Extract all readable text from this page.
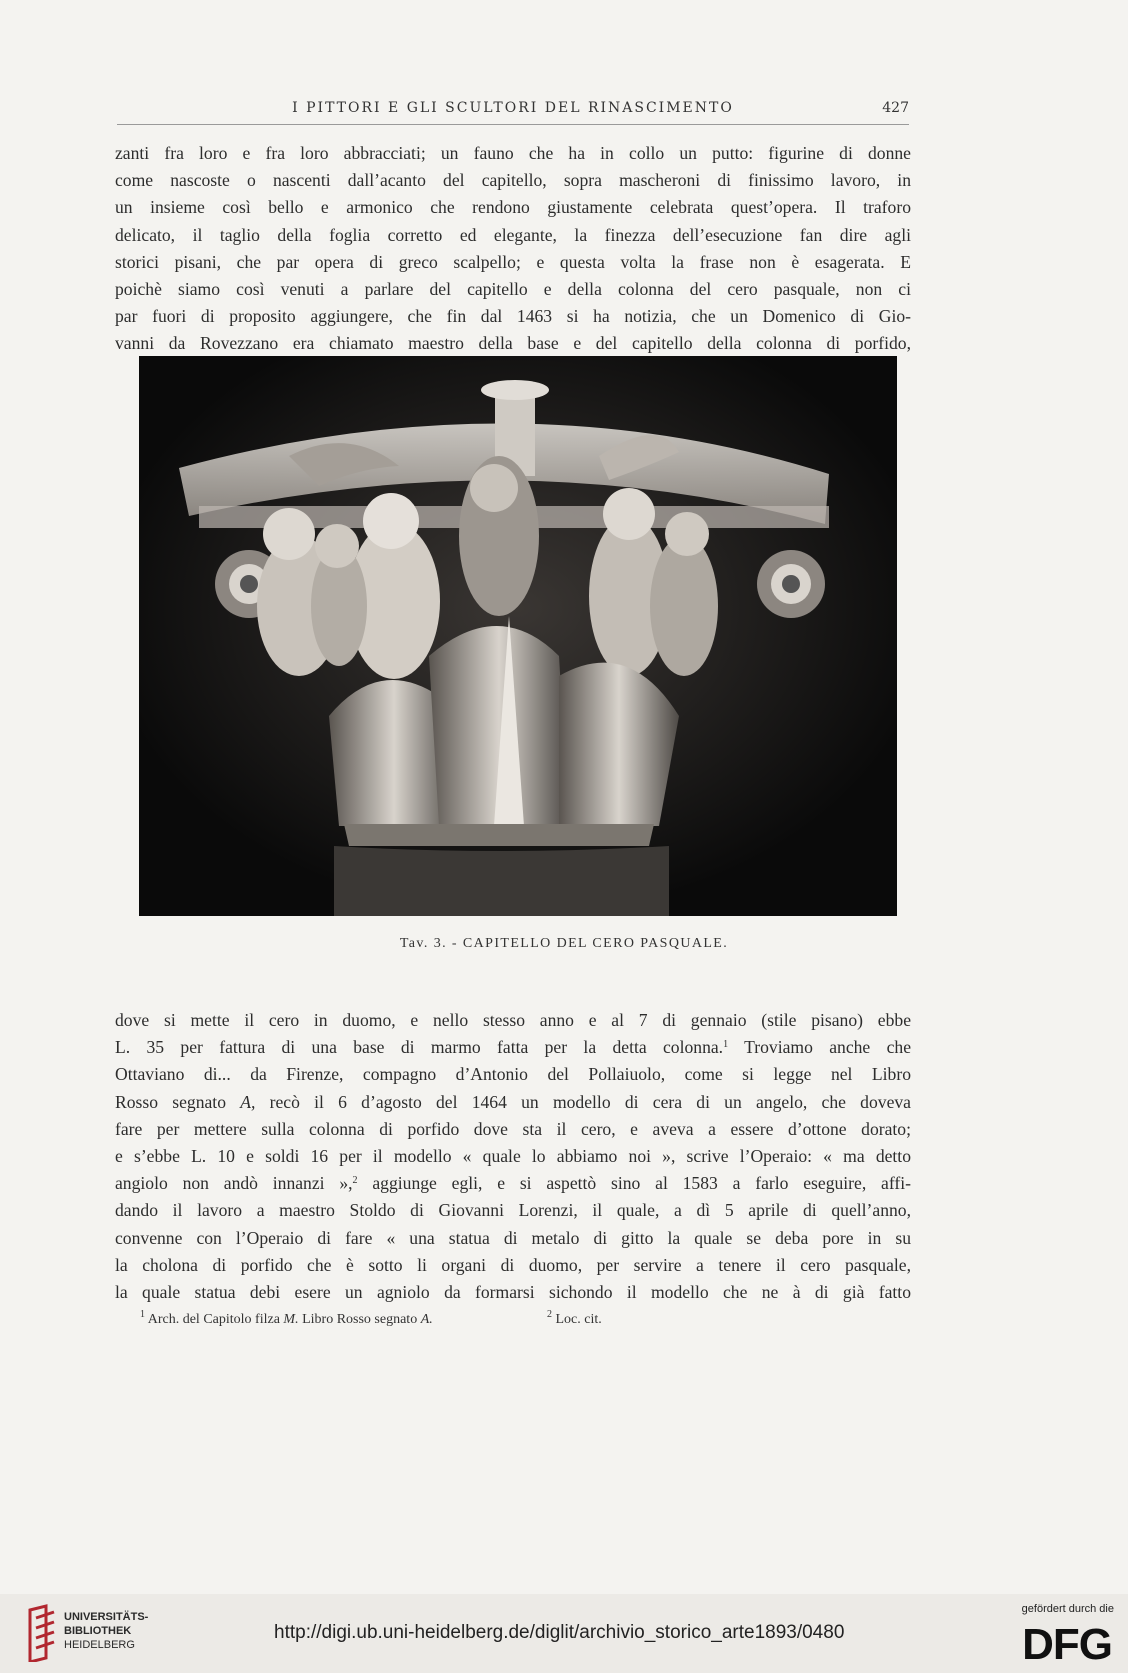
I PITTORI E GLI SCULTORI DEL RINASCIMENTO	427
zanti fra loro e fra loro abbracciati; un fauno che ha in collo un putto: figurine di donne
come nascoste o nascenti dall’acanto del capitello, sopra mascheroni di finissimo lavoro, in
un insieme così bello e armonico che rendono giustamente celebrata quest’opera. Il traforo
delicato, il taglio della foglia corretto ed elegante, la finezza dell’esecuzione fan dire agli
storici pisani, che par opera di greco scalpello; e questa volta la frase non è esagerata. E
poichè siamo così venuti a parlare del capitello e della colonna del cero pasquale, non ci
par fuori di proposito aggiungere, che fin dal 1463 si ha notizia, che un Domenico di Gio-
vanni da Rovezzano era chiamato maestro della base e del capitello della colonna di porfido,
Tav. 3. - CAPITELLO DEL CERO PASQUALE.
dove si mette il cero in duomo, e nello stesso anno e al 7 di gennaio (stile pisano) ebbe
L. 35 per fattura di una base di marmo fatta per la detta colonna.$^1$ Troviamo anche che
Ottaviano di... da Firenze, compagno d’Antonio del Pollaiuolo, come si legge nel Libro
Rosso segnato A, recò il 6 d’agosto del 1464 un modello di cera di un angelo, che doveva
fare per mettere sulla colonna di porfido dove sta il cero, e aveva a essere d’ottone dorato;
e s’ebbe L. 10 e soldi 16 per il modello « quale lo abbiamo noi », scrive l’Operaio: « ma detto
angiolo non andò innanzi »,$^2$ aggiunge egli, e si aspettò sino al 1583 a farlo eseguire, affi-
dando il lavoro a maestro Stoldo di Giovanni Lorenzi, il quale, a dì 5 aprile di quell’anno,
convenne con l’Operaio di fare « una statua di metalo di gitto la quale se deba pore in su
la cholona di porfido che è sotto li organi di duomo, per servire a tenere il cero pasquale,
la quale statua debi esere un agniolo da formarsi sichondo il modello che ne à di già fatto
$^1$ Arch. del Capitolo filza M. Libro Rosso segnato A.	$^2$ Loc. cit.
UNIVERSITÄTS-
BIBLIOTHEK
HEIDELBERG
http://digi.ub.uni-heidelberg.de/diglit/archivio_storico_arte1893/0480
gefördert durch die
DFG
